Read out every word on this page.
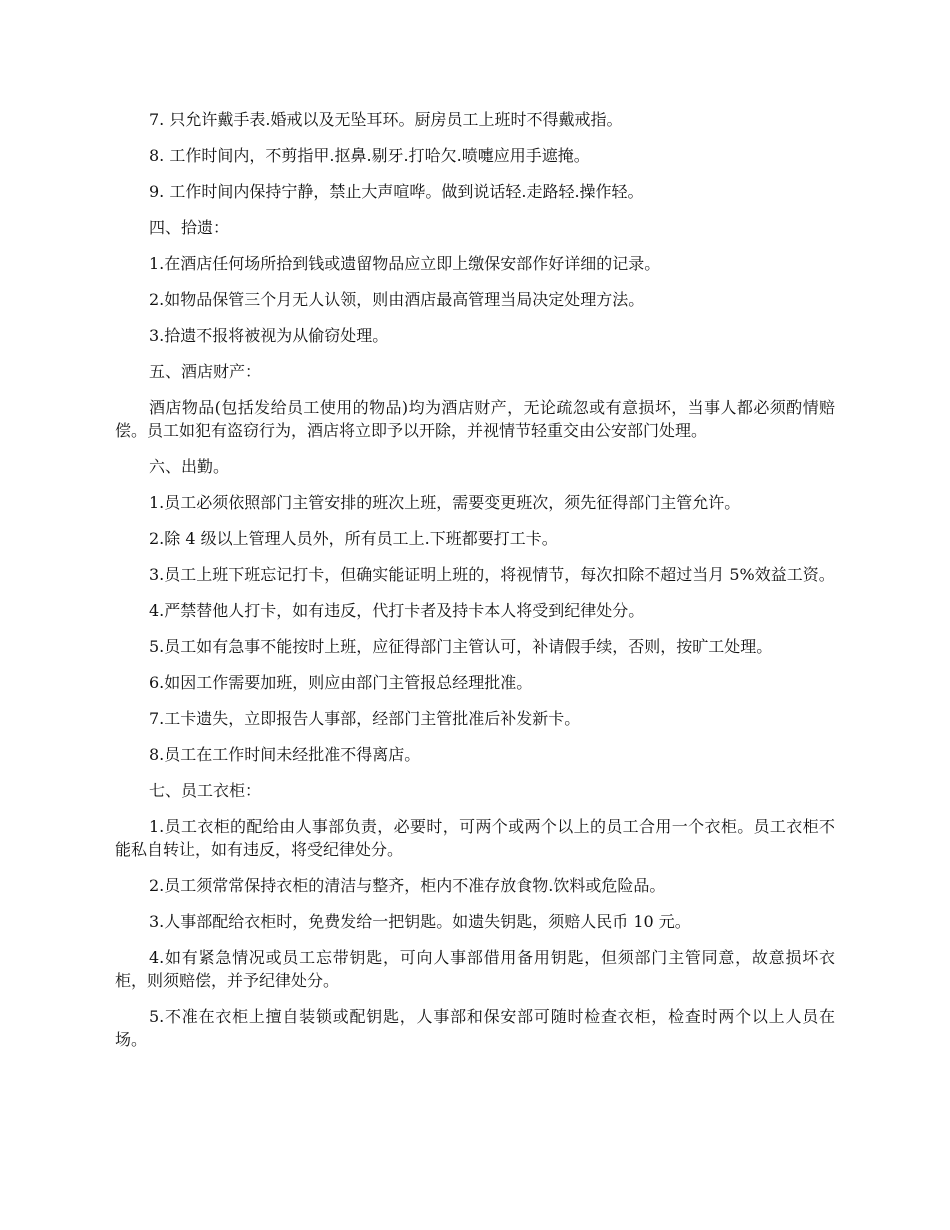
7. 只允许戴手表.婚戒以及无坠耳环。厨房员工上班时不得戴戒指。

8. 工作时间内，不剪指甲.抠鼻.剔牙.打哈欠.喷嚏应用手遮掩。

9. 工作时间内保持宁静，禁止大声喧哗。做到说话轻.走路轻.操作轻。

四、拾遗：

1.在酒店任何场所拾到钱或遗留物品应立即上缴保安部作好详细的记录。

2.如物品保管三个月无人认领，则由酒店最高管理当局决定处理方法。

3.拾遗不报将被视为从偷窃处理。

五、酒店财产：

酒店物品(包括发给员工使用的物品)均为酒店财产，无论疏忽或有意损坏，当事人都必须酌情赔偿。员工如犯有盗窃行为，酒店将立即予以开除，并视情节轻重交由公安部门处理。

六、出勤。

1.员工必须依照部门主管安排的班次上班，需要变更班次，须先征得部门主管允许。

2.除 4 级以上管理人员外，所有员工上.下班都要打工卡。

3.员工上班下班忘记打卡，但确实能证明上班的，将视情节，每次扣除不超过当月 5%效益工资。

4.严禁替他人打卡，如有违反，代打卡者及持卡本人将受到纪律处分。

5.员工如有急事不能按时上班，应征得部门主管认可，补请假手续，否则，按旷工处理。

6.如因工作需要加班，则应由部门主管报总经理批准。

7.工卡遗失，立即报告人事部，经部门主管批准后补发新卡。

8.员工在工作时间未经批准不得离店。

七、员工衣柜：

1.员工衣柜的配给由人事部负责，必要时，可两个或两个以上的员工合用一个衣柜。员工衣柜不能私自转让，如有违反，将受纪律处分。

2.员工须常常保持衣柜的清洁与整齐，柜内不准存放食物.饮料或危险品。

3.人事部配给衣柜时，免费发给一把钥匙。如遗失钥匙，须赔人民币 10 元。

4.如有紧急情况或员工忘带钥匙，可向人事部借用备用钥匙，但须部门主管同意，故意损坏衣柜，则须赔偿，并予纪律处分。

5.不准在衣柜上擅自装锁或配钥匙，人事部和保安部可随时检查衣柜，检查时两个以上人员在场。
